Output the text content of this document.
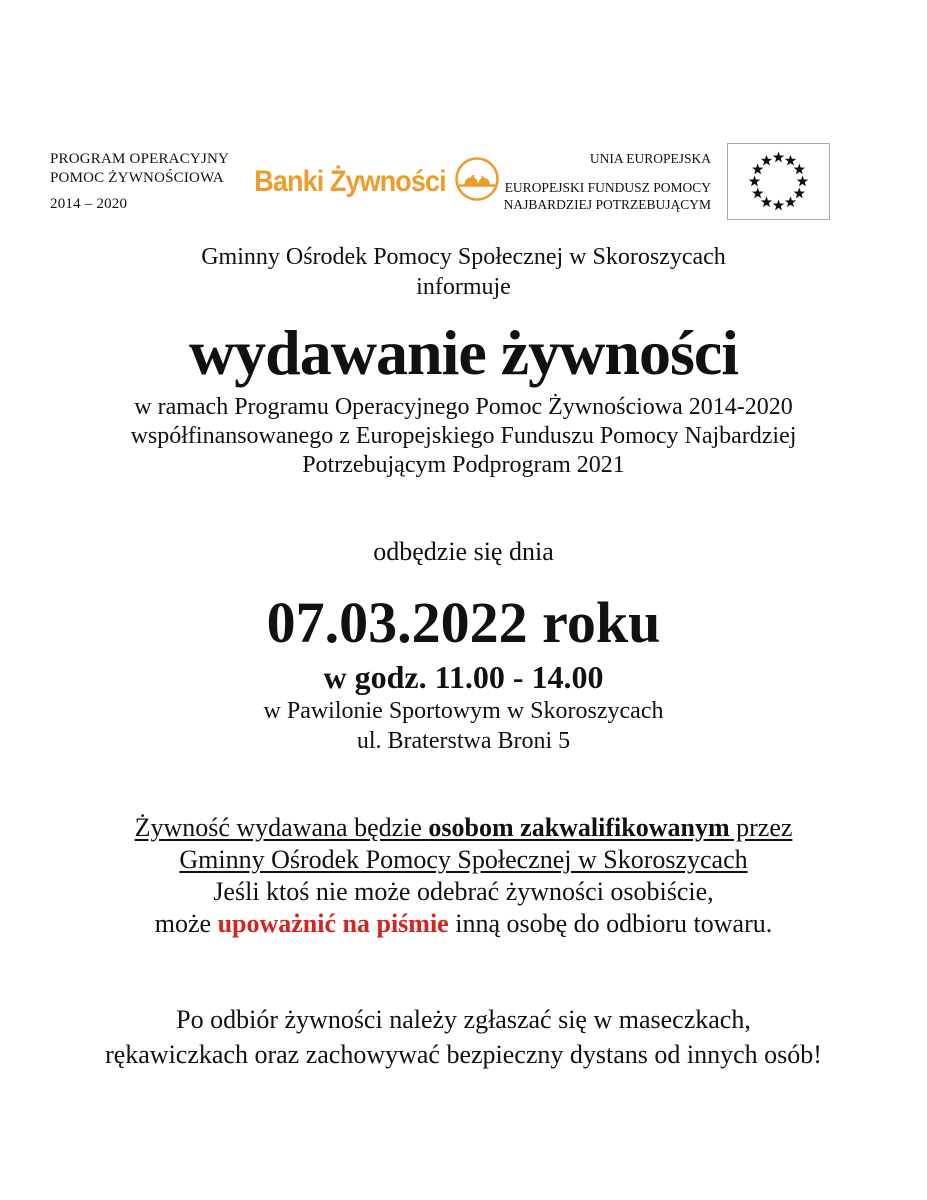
PROGRAM OPERACYJNY
POMOC ŻYWNOŚCIOWA
2014 – 2020
Banki Żywności
UNIA EUROPEJSKA
EUROPEJSKI FUNDUSZ POMOCY
NAJBARDZIEJ POTRZEBUJĄCYM
Gminny Ośrodek Pomocy Społecznej w Skoroszycach
informuje
wydawanie żywności
w ramach Programu Operacyjnego Pomoc Żywnościowa 2014-2020
współfinansowanego z Europejskiego Funduszu Pomocy Najbardziej
Potrzebującym Podprogram 2021
odbędzie się dnia
07.03.2022 roku
w godz. 11.00 - 14.00
w Pawilonie Sportowym w Skoroszycach
ul. Braterstwa Broni 5
Żywność wydawana będzie osobom zakwalifikowanym przez
Gminny Ośrodek Pomocy Społecznej w Skoroszycach
Jeśli ktoś nie może odebrać żywności osobiście,
może upoważnić na piśmie inną osobę do odbioru towaru.
Po odbiór żywności należy zgłaszać się w maseczkach,
rękawiczkach oraz zachowywać bezpieczny dystans od innych osób!
